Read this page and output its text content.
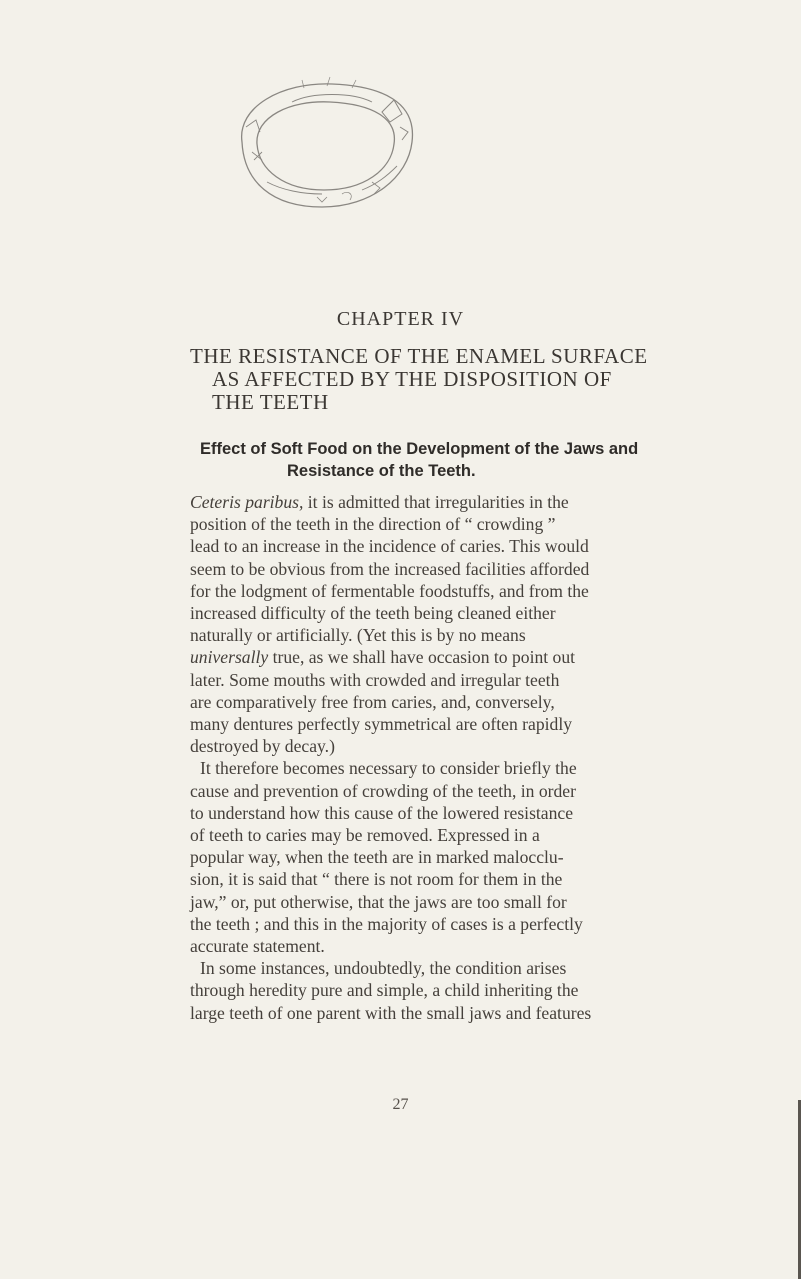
CHAPTER IV
THE RESISTANCE OF THE ENAMEL SURFACE
AS AFFECTED BY THE DISPOSITION OF
THE TEETH
Effect of Soft Food on the Development of the Jaws and
Resistance of the Teeth.
Ceteris paribus, it is admitted that irregularities in the
position of the teeth in the direction of “ crowding ”
lead to an increase in the incidence of caries. This would
seem to be obvious from the increased facilities afforded
for the lodgment of fermentable foodstuffs, and from the
increased difficulty of the teeth being cleaned either
naturally or artificially. (Yet this is by no means
universally true, as we shall have occasion to point out
later. Some mouths with crowded and irregular teeth
are comparatively free from caries, and, conversely,
many dentures perfectly symmetrical are often rapidly
destroyed by decay.)
It therefore becomes necessary to consider briefly the
cause and prevention of crowding of the teeth, in order
to understand how this cause of the lowered resistance
of teeth to caries may be removed. Expressed in a
popular way, when the teeth are in marked malocclu-
sion, it is said that “ there is not room for them in the
jaw,” or, put otherwise, that the jaws are too small for
the teeth ; and this in the majority of cases is a perfectly
accurate statement.
In some instances, undoubtedly, the condition arises
through heredity pure and simple, a child inheriting the
large teeth of one parent with the small jaws and features
27
